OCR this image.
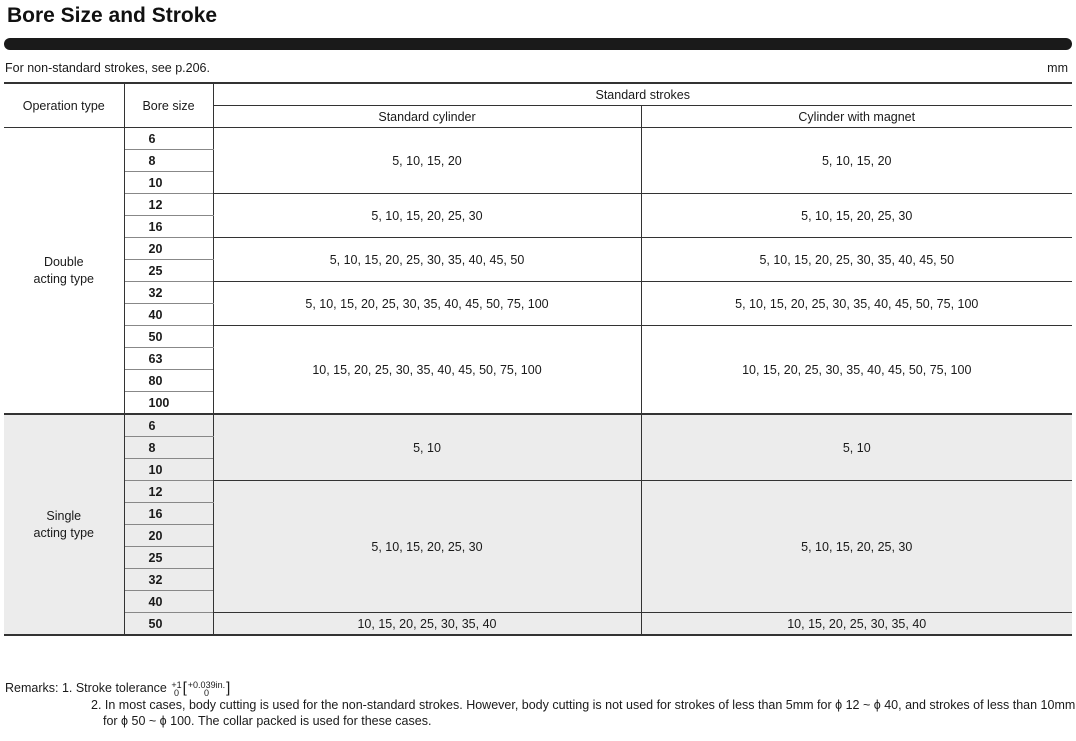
Bore Size and Stroke
For non-standard strokes, see p.206.	mm
Operation type	Bore size	Standard strokes	
		Standard cylinder	Cylinder with magnet

Double
acting type	6	5, 10, 15, 20	5, 10, 15, 20
	8		
	10		
	12	5, 10, 15, 20, 25, 30	5, 10, 15, 20, 25, 30
	16		
	20	5, 10, 15, 20, 25, 30, 35, 40, 45, 50	5, 10, 15, 20, 25, 30, 35, 40, 45, 50
	25		
	32	5, 10, 15, 20, 25, 30, 35, 40, 45, 50, 75, 100	5, 10, 15, 20, 25, 30, 35, 40, 45, 50, 75, 100
	40		
	50	10, 15, 20, 25, 30, 35, 40, 45, 50, 75, 100	10, 15, 20, 25, 30, 35, 40, 45, 50, 75, 100
	63		
	80		
	100		

Single
acting type	6	5, 10	5, 10
	8		
	10		
	12	5, 10, 15, 20, 25, 30	5, 10, 15, 20, 25, 30
	16		
	20		
	25		
	32		
	40		
	50	10, 15, 20, 25, 30, 35, 40	10, 15, 20, 25, 30, 35, 40
Remarks: 1. Stroke tolerance +1
0 [+0.039in.
0 ]
2. In most cases, body cutting is used for the non-standard strokes. However, body cutting is not used for strokes of less than 5mm for ϕ 12 ~ ϕ 40, and strokes of less than 10mm for ϕ 50 ~ ϕ 100. The collar packed is used for these cases.
